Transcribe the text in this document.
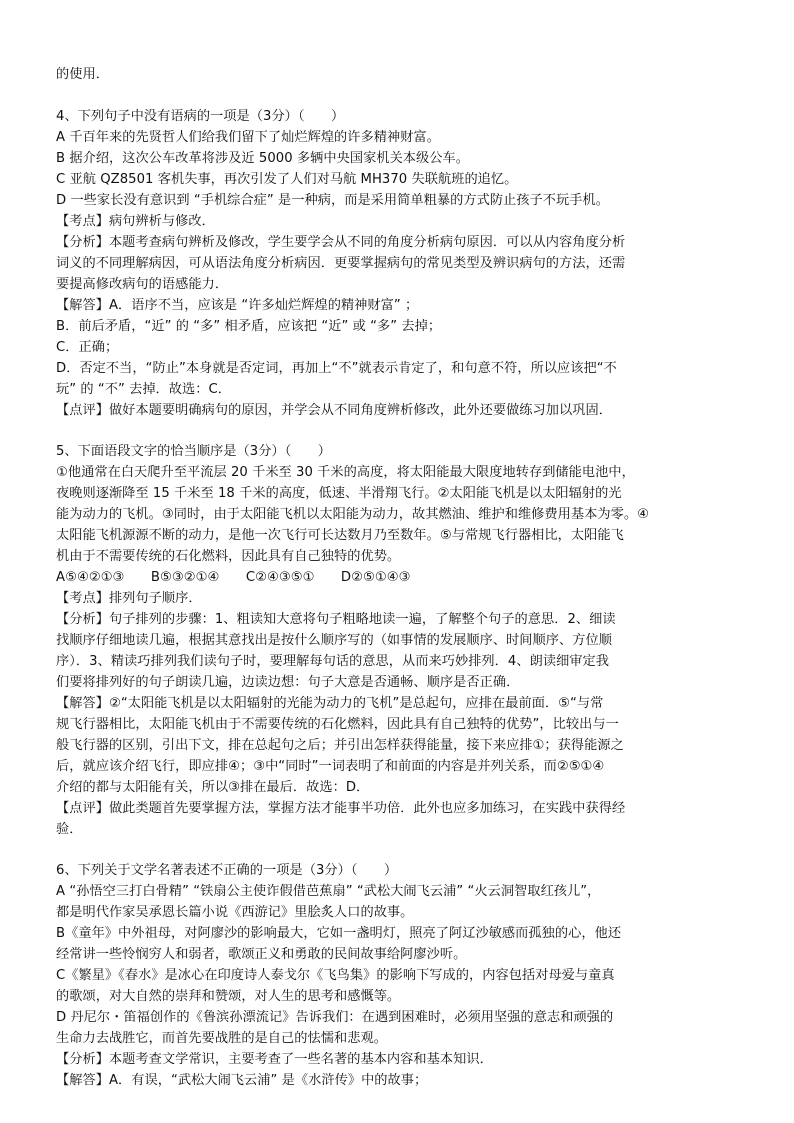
的使用．
4、下列句子中没有语病的一项是（3分）（　　）
A 千百年来的先贤哲人们给我们留下了灿烂辉煌的许多精神财富。
B 据介绍，这次公车改革将涉及近 5000 多辆中央国家机关本级公车。
C 亚航 QZ8501 客机失事，再次引发了人们对马航 MH370 失联航班的追忆。
D 一些家长没有意识到 “手机综合症” 是一种病，而是采用简单粗暴的方式防止孩子不玩手机。
【考点】病句辨析与修改．
【分析】本题考查病句辨析及修改，学生要学会从不同的角度分析病句原因．可以从内容角度分析
词义的不同理解病因，可从语法角度分析病因．更要掌握病句的常见类型及辨识病句的方法，还需
要提高修改病句的语感能力．
【解答】A．语序不当，应该是 “许多灿烂辉煌的精神财富” ；
B．前后矛盾，“近” 的 “多” 相矛盾，应该把 “近” 或 “多” 去掉；
C．正确；
D．否定不当，“防止”本身就是否定词，再加上“不”就表示肯定了，和句意不符，所以应该把“不
玩” 的 “不” 去掉．故选：C．
【点评】做好本题要明确病句的原因，并学会从不同角度辨析修改，此外还要做练习加以巩固．
5、下面语段文字的恰当顺序是（3分）（　　）
①他通常在白天爬升至平流层 20 千米至 30 千米的高度，将太阳能最大限度地转存到储能电池中，
夜晚则逐渐降至 15 千米至 18 千米的高度，低速、半滑翔飞行。②太阳能飞机是以太阳辐射的光
能为动力的飞机。③同时，由于太阳能飞机以太阳能为动力，故其燃油、维护和维修费用基本为零。④
太阳能飞机源源不断的动力，是他一次飞行可长达数月乃至数年。⑤与常规飞行器相比，太阳能飞
机由于不需要传统的石化燃料，因此具有自己独特的优势。
A⑤④②①③　　B⑤③②①④　　C②④③⑤①　　D②⑤①④③
【考点】排列句子顺序．
【分析】句子排列的步骤：1、粗读知大意将句子粗略地读一遍，了解整个句子的意思．2、细读
找顺序仔细地读几遍，根据其意找出是按什么顺序写的（如事情的发展顺序、时间顺序、方位顺
序）．3、精读巧排列我们读句子时，要理解每句话的意思，从而来巧妙排列．4、朗读细审定我
们要将排列好的句子朗读几遍，边读边想：句子大意是否通畅、顺序是否正确．
【解答】②“太阳能飞机是以太阳辐射的光能为动力的飞机”是总起句，应排在最前面．⑤“与常
规飞行器相比，太阳能飞机由于不需要传统的石化燃料，因此具有自己独特的优势”，比较出与一
般飞行器的区别，引出下文，排在总起句之后；并引出怎样获得能量，接下来应排①；获得能源之
后，就应该介绍飞行，即应排④；③中“同时”一词表明了和前面的内容是并列关系，而②⑤①④
介绍的都与太阳能有关，所以③排在最后．故选：D．
【点评】做此类题首先要掌握方法，掌握方法才能事半功倍．此外也应多加练习，在实践中获得经
验．
6、下列关于文学名著表述不正确的一项是（3分）（　　）
A “孙悟空三打白骨精” “铁扇公主使诈假借芭蕉扇” “武松大闹飞云浦” “火云洞智取红孩儿”，
都是明代作家吴承恩长篇小说《西游记》里脍炙人口的故事。
B《童年》中外祖母，对阿廖沙的影响最大，它如一盏明灯，照亮了阿辽沙敏感而孤独的心，他还
经常讲一些怜悯穷人和弱者，歌颂正义和勇敢的民间故事给阿廖沙听。
C《繁星》《春水》是冰心在印度诗人泰戈尔《飞鸟集》的影响下写成的，内容包括对母爱与童真
的歌颂，对大自然的崇拜和赞颂，对人生的思考和感慨等。
D 丹尼尔・笛福创作的《鲁滨孙漂流记》告诉我们：在遇到困难时，必须用坚强的意志和顽强的
生命力去战胜它，而首先要战胜的是自己的怯懦和悲观。
【分析】本题考查文学常识，主要考查了一些名著的基本内容和基本知识．
【解答】A．有误，“武松大闹飞云浦” 是《水浒传》中的故事；
